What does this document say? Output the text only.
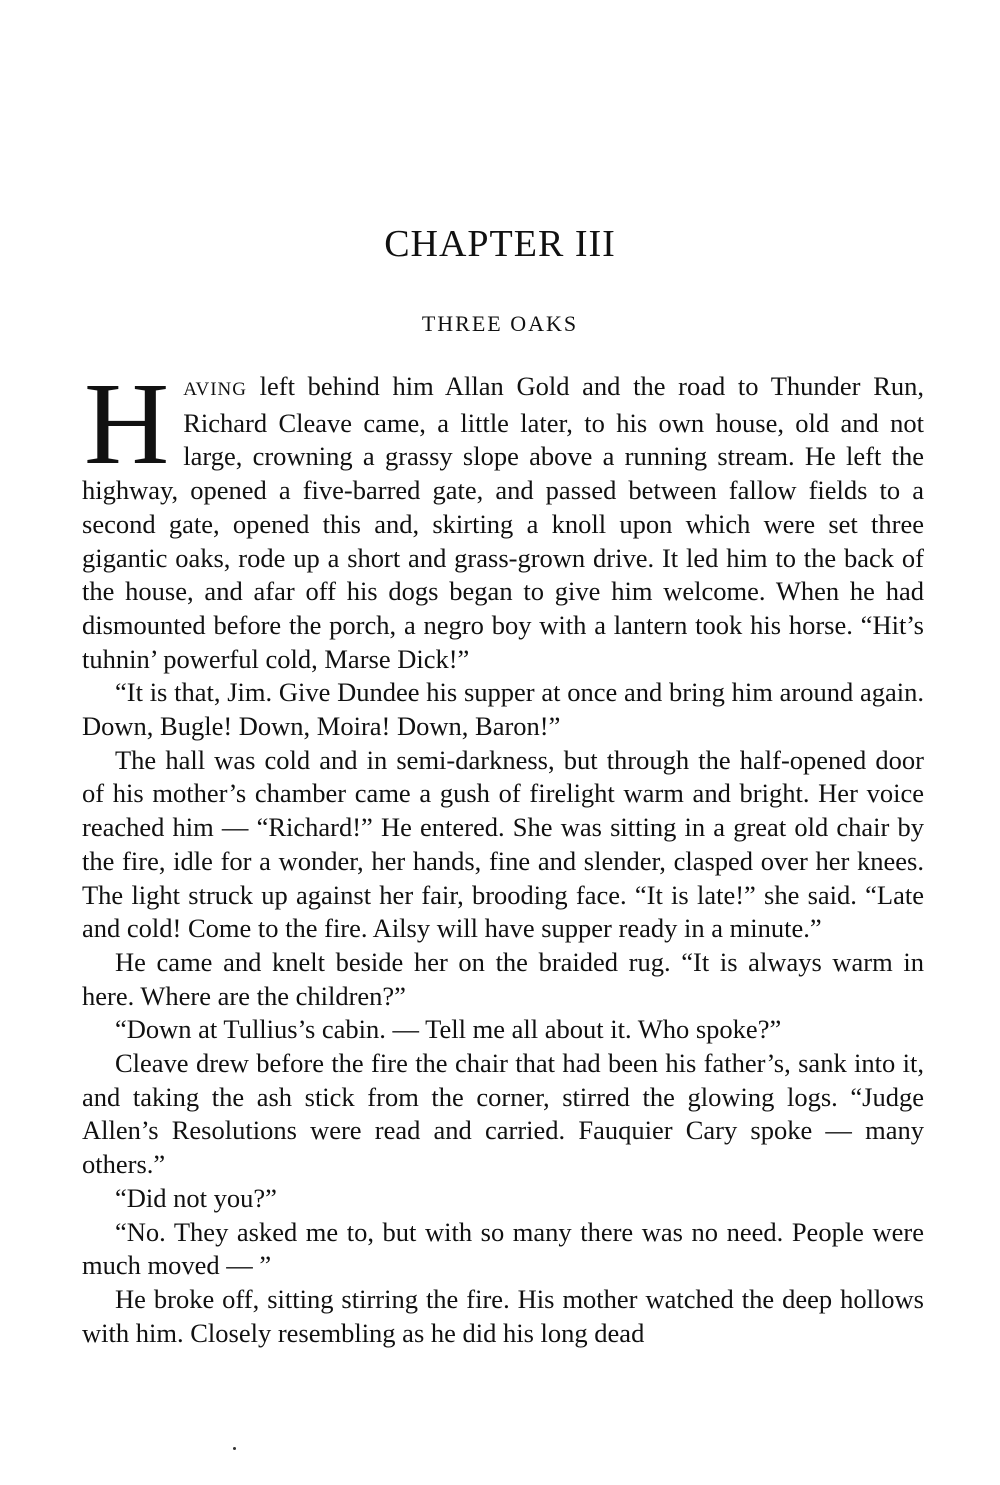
CHAPTER III
THREE OAKS

HAVING left behind him Allan Gold and the road to Thunder Run, Richard Cleave came, a little later, to his own house, old and not large, crowning a grassy slope above a running stream. He left the highway, opened a five-barred gate, and passed between fallow fields to a second gate, opened this and, skirting a knoll upon which were set three gigantic oaks, rode up a short and grass-grown drive. It led him to the back of the house, and afar off his dogs began to give him welcome. When he had dismounted before the porch, a negro boy with a lantern took his horse. “Hit’s tuhnin’ powerful cold, Marse Dick!”

“It is that, Jim. Give Dundee his supper at once and bring him around again. Down, Bugle! Down, Moira! Down, Baron!”

The hall was cold and in semi-darkness, but through the half-opened door of his mother’s chamber came a gush of firelight warm and bright. Her voice reached him — “Richard!” He entered. She was sitting in a great old chair by the fire, idle for a wonder, her hands, fine and slender, clasped over her knees. The light struck up against her fair, brooding face. “It is late!” she said. “Late and cold! Come to the fire. Ailsy will have supper ready in a minute.”

He came and knelt beside her on the braided rug. “It is always warm in here. Where are the children?”

“Down at Tullius’s cabin. — Tell me all about it. Who spoke?”

Cleave drew before the fire the chair that had been his father’s, sank into it, and taking the ash stick from the corner, stirred the glowing logs. “Judge Allen’s Resolutions were read and carried. Fauquier Cary spoke — many others.”

“Did not you?”

“No. They asked me to, but with so many there was no need. People were much moved — ”

He broke off, sitting stirring the fire. His mother watched the deep hollows with him. Closely resembling as he did his long dead
